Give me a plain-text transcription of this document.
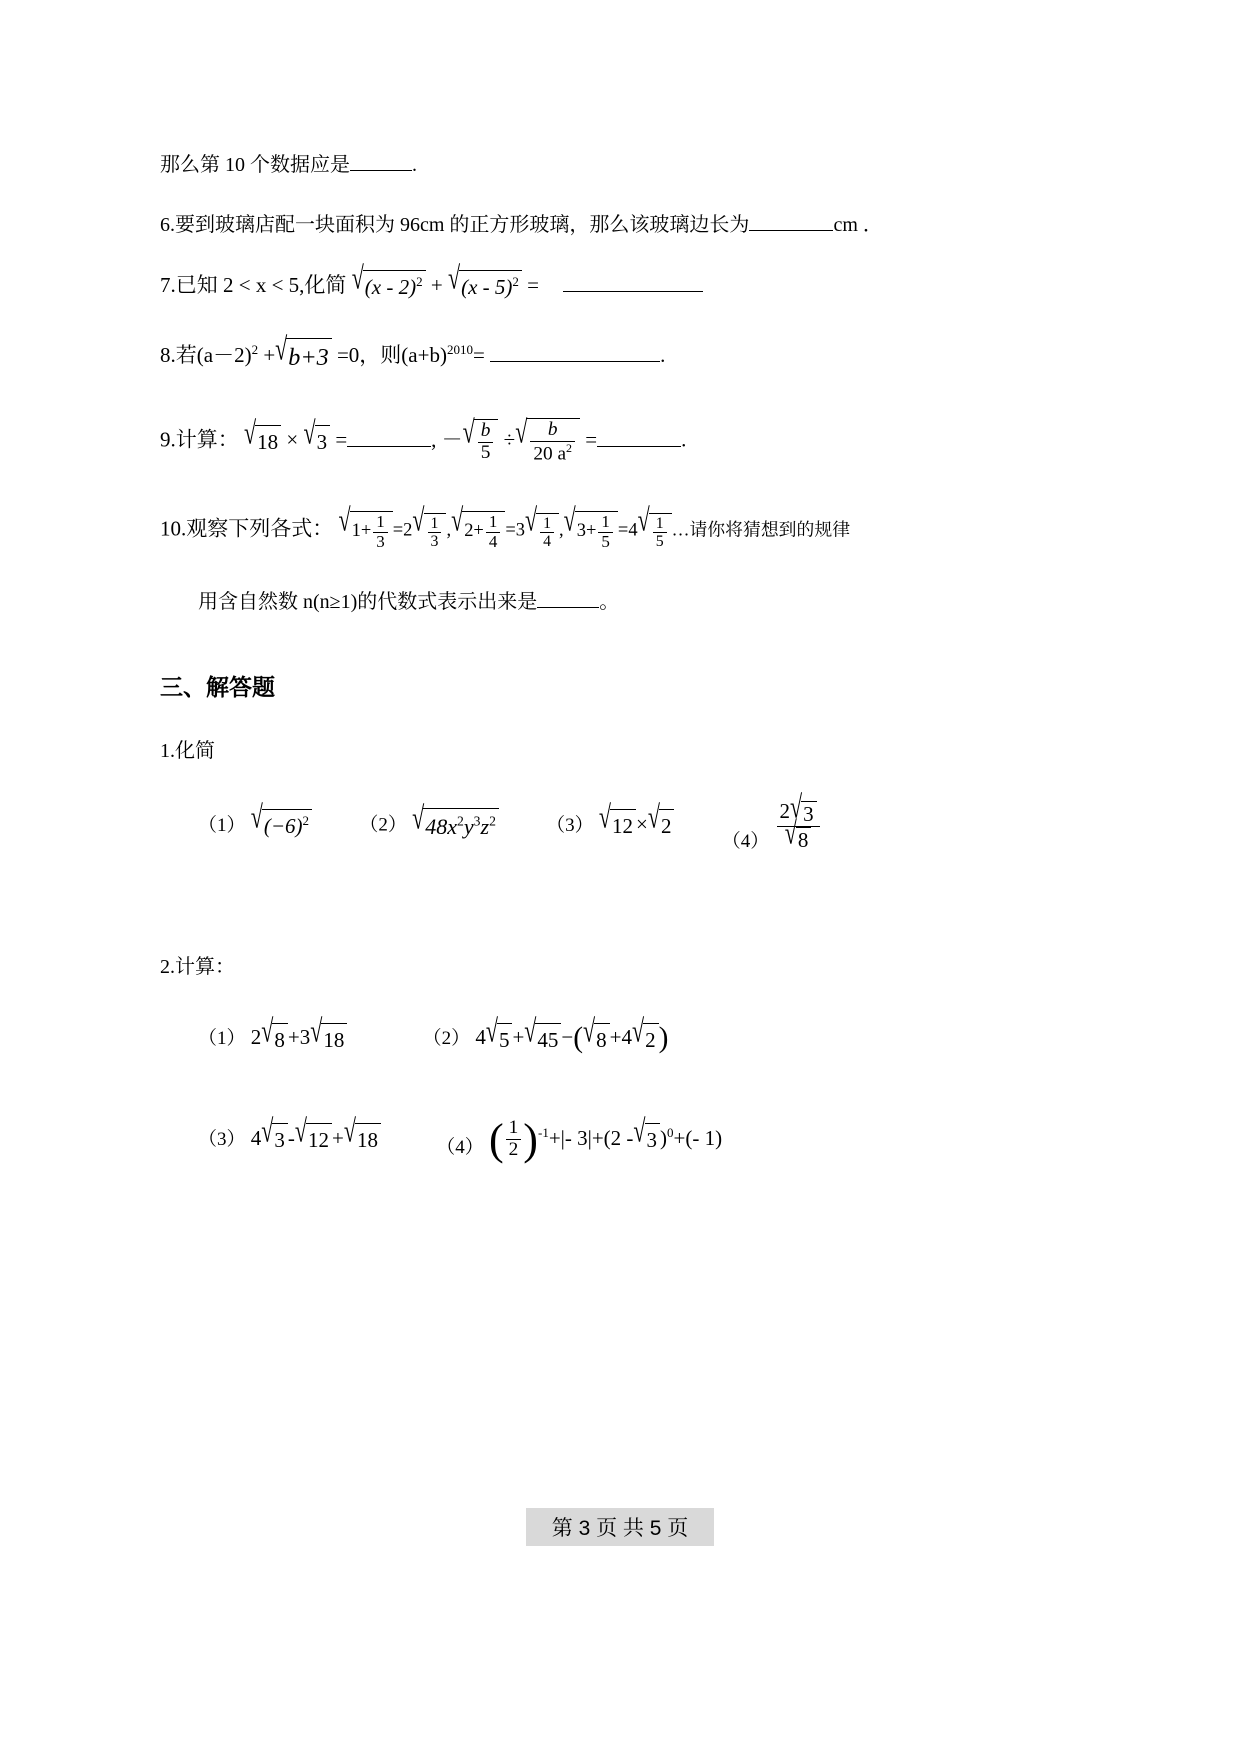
那么第 10 个数据应是	.

6.要到玻璃店配一块面积为 96cm 的正方形玻璃，那么该玻璃边长为	cm ．

7.已知 2 < x < 5,化简 √(x - 2)$^2$ + √(x - 5)$^2$ =

8.若$(a-2)^2 +√b+3 =0$，则$(a+b)^{2010}=$	.

9.计算： √18 × √3 =	, －√ $\frac{b}{5}$ ÷√ $\frac{b}{20 a^2}$ =	.

10.观察下列各式： $√1+ \frac{1}{3} =2√ \frac{1}{3} ,√2+ \frac{1}{4} =3√ \frac{1}{4} ,√3+ \frac{1}{5} =4√ \frac{1}{5}$ …请你将猜想到的规律

用含自然数 n(n≥1)的代数式表示出来是	。

三、解答题

1.化简

（1） $√(-6)^2$	（2） $√48x^2y^3z^2$	（3） √12 ×√2 $(4) \frac{2√3}{√8}$

2.计算：

（1） 2√8 +3√18	（2） 4√5 +√45 −(√8 +4√2 )

（3） 4√3 -√12 +√18	（4） ( $\frac{1}{2} )^{-1}+|-$ 3|+(2 -√3 )$^0$+(- 1)

第 3 页 共 5 页
